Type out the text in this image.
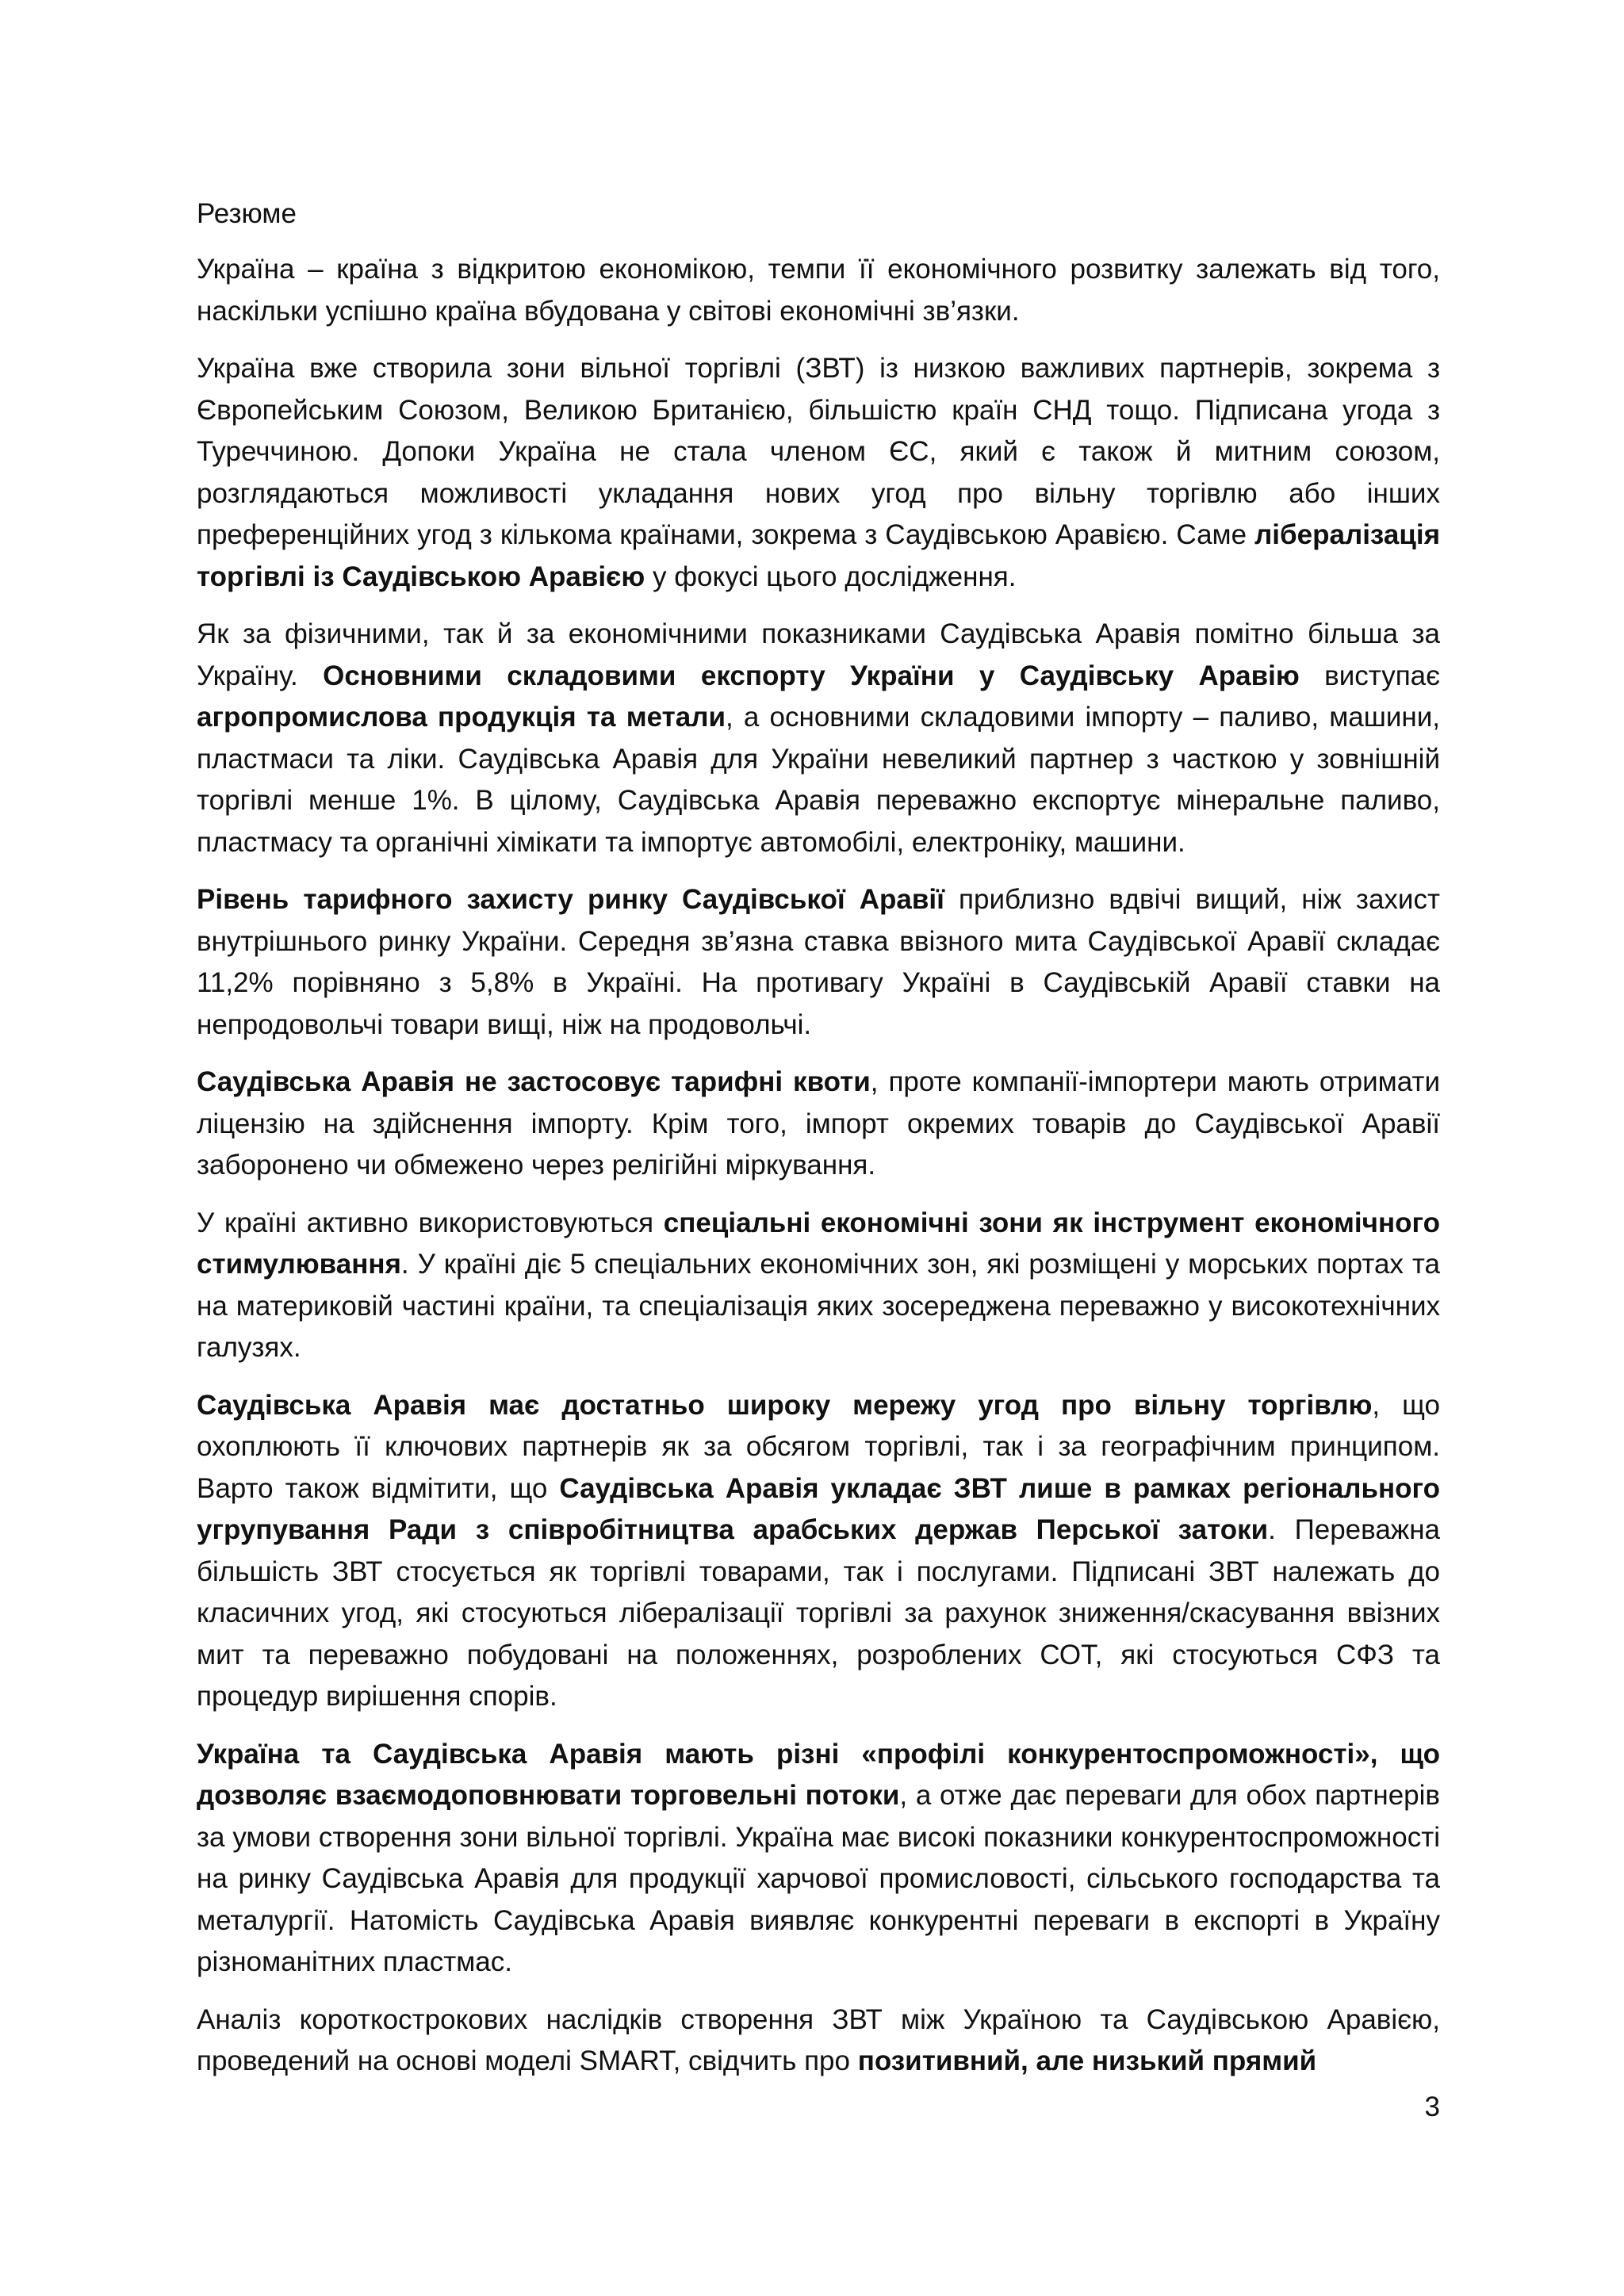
Резюме

Україна – країна з відкритою економікою, темпи її економічного розвитку залежать від того, наскільки успішно країна вбудована у світові економічні зв’язки.

Україна вже створила зони вільної торгівлі (ЗВТ) із низкою важливих партнерів, зокрема з Європейським Союзом, Великою Британією, більшістю країн СНД тощо. Підписана угода з Туреччиною. Допоки Україна не стала членом ЄС, який є також й митним союзом, розглядаються можливості укладання нових угод про вільну торгівлю або інших преференційних угод з кількома країнами, зокрема з Саудівською Аравією. Саме лібералізація торгівлі із Саудівською Аравією у фокусі цього дослідження.

Як за фізичними, так й за економічними показниками Саудівська Аравія помітно більша за Україну. Основними складовими експорту України у Саудівську Аравію виступає агропромислова продукція та метали, а основними складовими імпорту – паливо, машини, пластмаси та ліки. Саудівська Аравія для України невеликий партнер з часткою у зовнішній торгівлі менше 1%. В цілому, Саудівська Аравія переважно експортує мінеральне паливо, пластмасу та органічні хімікати та імпортує автомобілі, електроніку, машини.

Рівень тарифного захисту ринку Саудівської Аравії приблизно вдвічі вищий, ніж захист внутрішнього ринку України. Середня зв’язна ставка ввізного мита Саудівської Аравії складає 11,2% порівняно з 5,8% в Україні. На противагу Україні в Саудівській Аравії ставки на непродовольчі товари вищі, ніж на продовольчі.

Саудівська Аравія не застосовує тарифні квоти, проте компанії-імпортери мають отримати ліцензію на здійснення імпорту. Крім того, імпорт окремих товарів до Саудівської Аравії заборонено чи обмежено через релігійні міркування.

У країні активно використовуються спеціальні економічні зони як інструмент економічного стимулювання. У країні діє 5 спеціальних економічних зон, які розміщені у морських портах та на материковій частині країни, та спеціалізація яких зосереджена переважно у високотехнічних галузях.

Саудівська Аравія має достатньо широку мережу угод про вільну торгівлю, що охоплюють її ключових партнерів як за обсягом торгівлі, так і за географічним принципом. Варто також відмітити, що Саудівська Аравія укладає ЗВТ лише в рамках регіонального угрупування Ради з співробітництва арабських держав Перської затоки. Переважна більшість ЗВТ стосується як торгівлі товарами, так і послугами. Підписані ЗВТ належать до класичних угод, які стосуються лібералізації торгівлі за рахунок зниження/скасування ввізних мит та переважно побудовані на положеннях, розроблених СОТ, які стосуються СФЗ та процедур вирішення спорів.

Україна та Саудівська Аравія мають різні «профілі конкурентоспроможності», що дозволяє взаємодоповнювати торговельні потоки, а отже дає переваги для обох партнерів за умови створення зони вільної торгівлі. Україна має високі показники конкурентоспроможності на ринку Саудівська Аравія для продукції харчової промисловості, сільського господарства та металургії. Натомість Саудівська Аравія виявляє конкурентні переваги в експорті в Україну різноманітних пластмас.

Аналіз короткострокових наслідків створення ЗВТ між Україною та Саудівською Аравією, проведений на основі моделі SMART, свідчить про позитивний, але низький прямий

3
